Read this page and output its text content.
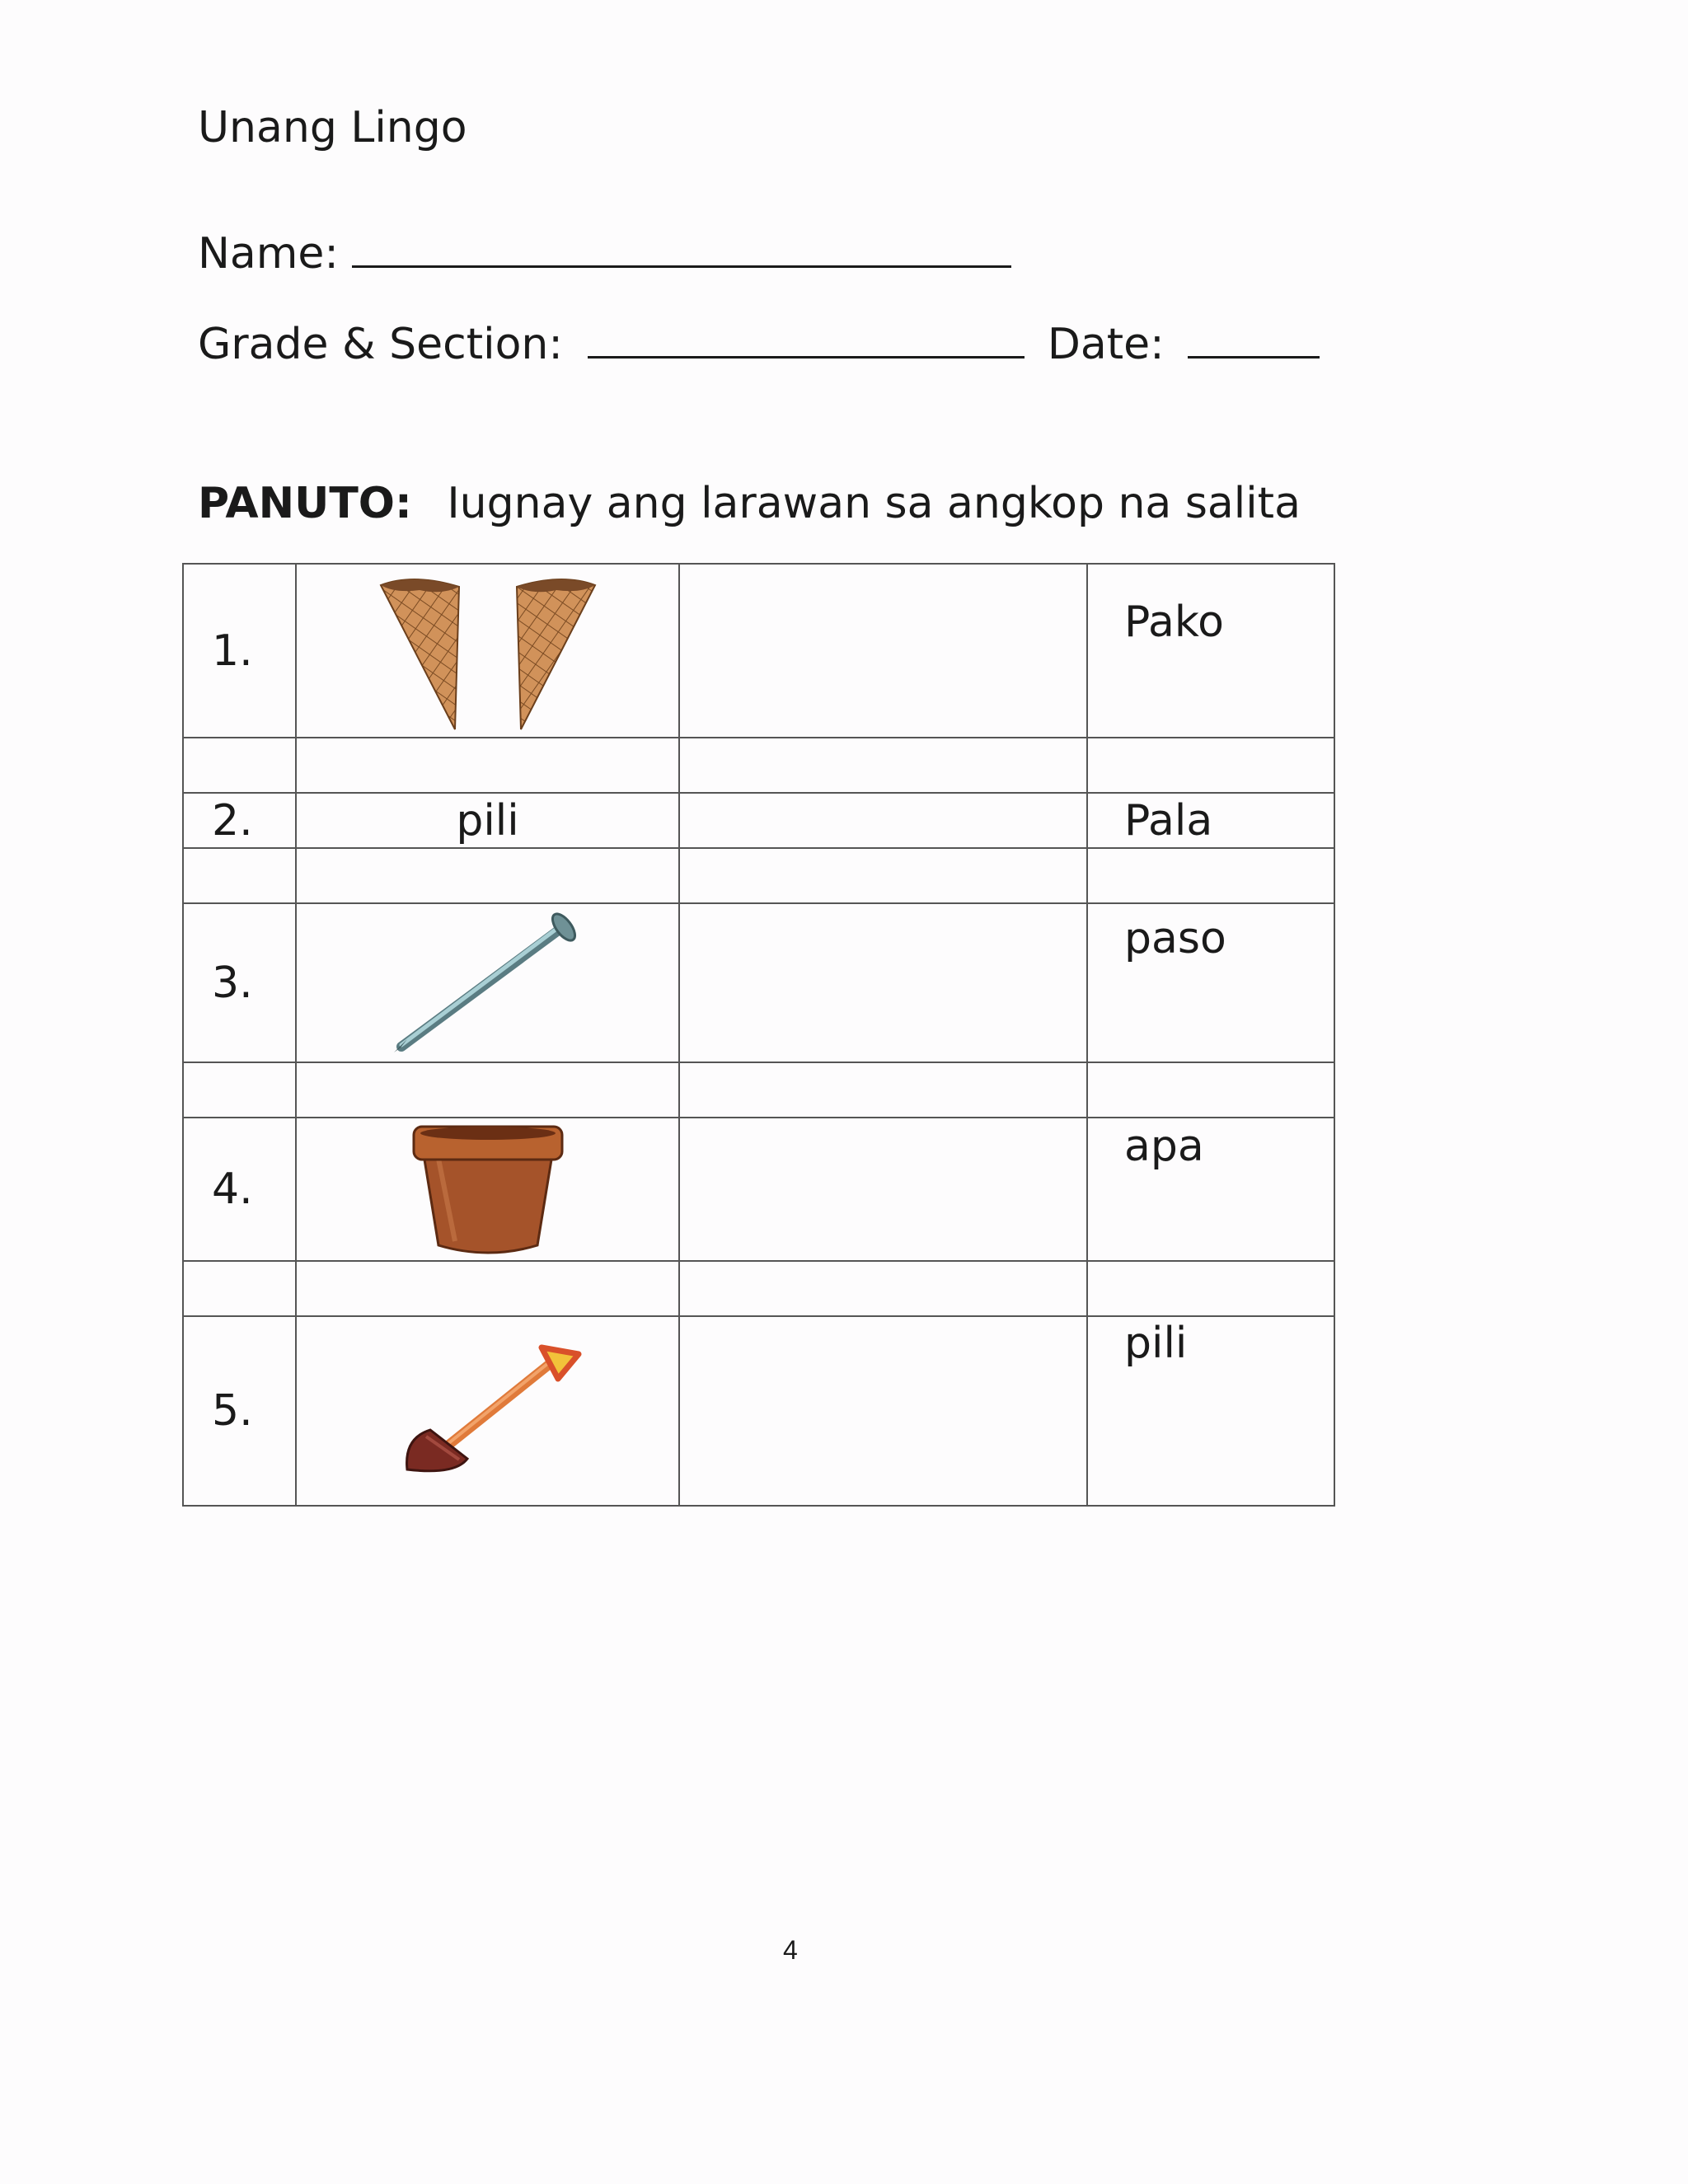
Unang Lingo
Name:
Grade & Section:	Date:
PANUTO: Iugnay ang larawan sa angkop na salita
1.			Pako

2.	pili		Pala

3.			paso

4.			apa

5.			pili
4
